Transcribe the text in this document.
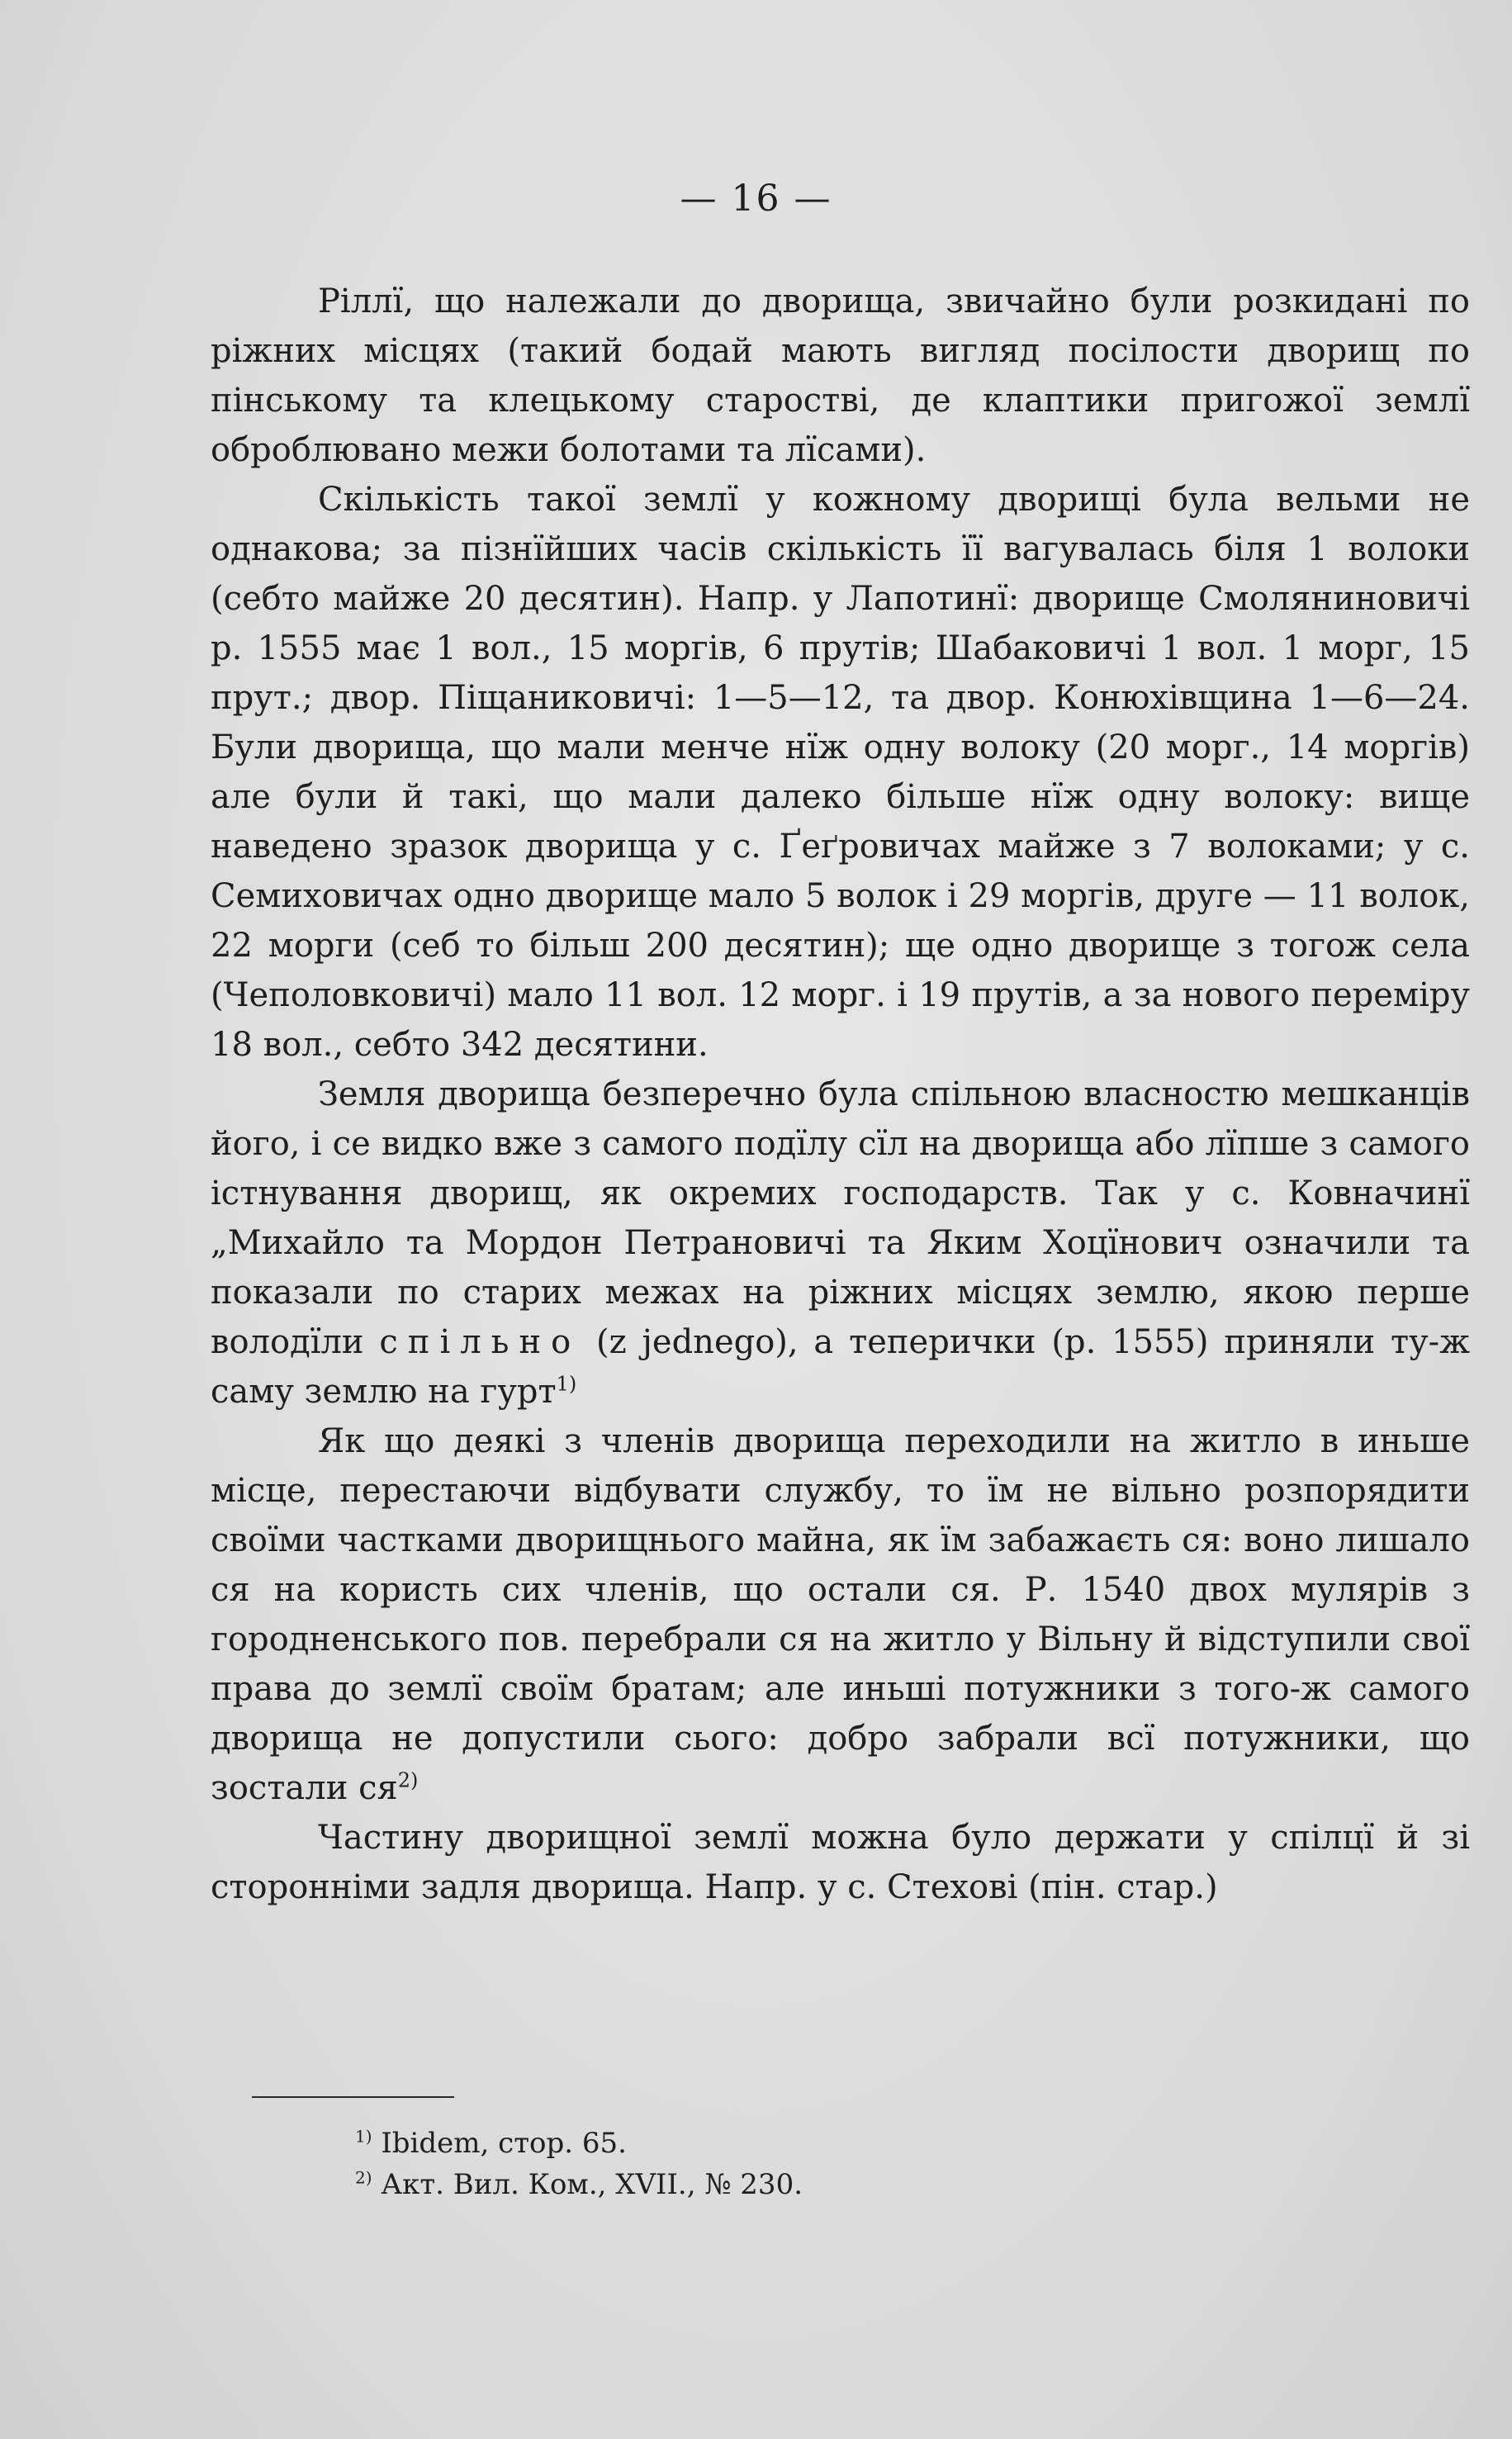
— 16 —

Ріллї, що належали до дворища, звичайно були розкидані по ріжних місцях (такий бодай мають вигляд посілости дворищ по пінському та клецькому старостві, де клаптики пригожої землї оброблювано межи болотами та лїсами).

Скількість такої землї у кожному дворищі була вельми не однакова; за пізнїйших часів скількість її вагувалась біля 1 волоки (себто майже 20 десятин). Напр. у Лапотинї: дворище Смоляниновичі р. 1555 має 1 вол., 15 моргів, 6 прутів; Шабаковичі 1 вол. 1 морг, 15 прут.; двор. Піщаниковичі: 1—5—12, та двор. Конюхівщина 1—6—24. Були дворища, що мали менче нїж одну волоку (20 морг., 14 моргів) але були й такі, що мали далеко більше нїж одну волоку: вище наведено зразок дворища у с. Ґеґровичах майже з 7 волоками; у с. Семиховичах одно дворище мало 5 волок і 29 моргів, друге — 11 волок, 22 морги (себ то більш 200 десятин); ще одно дворище з тогож села (Чеполовковичі) мало 11 вол. 12 морг. і 19 прутів, а за нового переміру 18 вол., себто 342 десятини.

Земля дворища безперечно була спільною власностю мешканців його, і се видко вже з самого подїлу сїл на дворища або лїпше з самого істнування дворищ, як окремих господарств. Так у с. Ковначинї „Михайло та Мордон Петрановичі та Яким Хоцїнович означили та показали по старих межах на ріжних місцях землю, якою перше володїли спільно (z jednego), а теперички (р. 1555) приняли ту-ж саму землю на гурт$^{1)}$

Як що деякі з членів дворища переходили на житло в иньше місце, перестаючи відбувати службу, то їм не вільно розпорядити своїми частками дворищнього майна, як їм забажаєть ся: воно лишало ся на користь сих членів, що остали ся. Р. 1540 двох мулярів з городненського пов. перебрали ся на житло у Вільну й відступили свої права до землї своїм братам; але иньші потужники з того-ж самого дворища не допустили сього: добро забрали всї потужники, що зостали $ся^{2)}$

Частину дворищної землї можна було держати у спілцї й зі сторонніми задля дворища. Напр. у с. Стехові (пін. стар.)

$^{1)}$ Ibidem, стор. 65.
$^{2)}$ Акт. Вил. Ком., XVII., № 230.
